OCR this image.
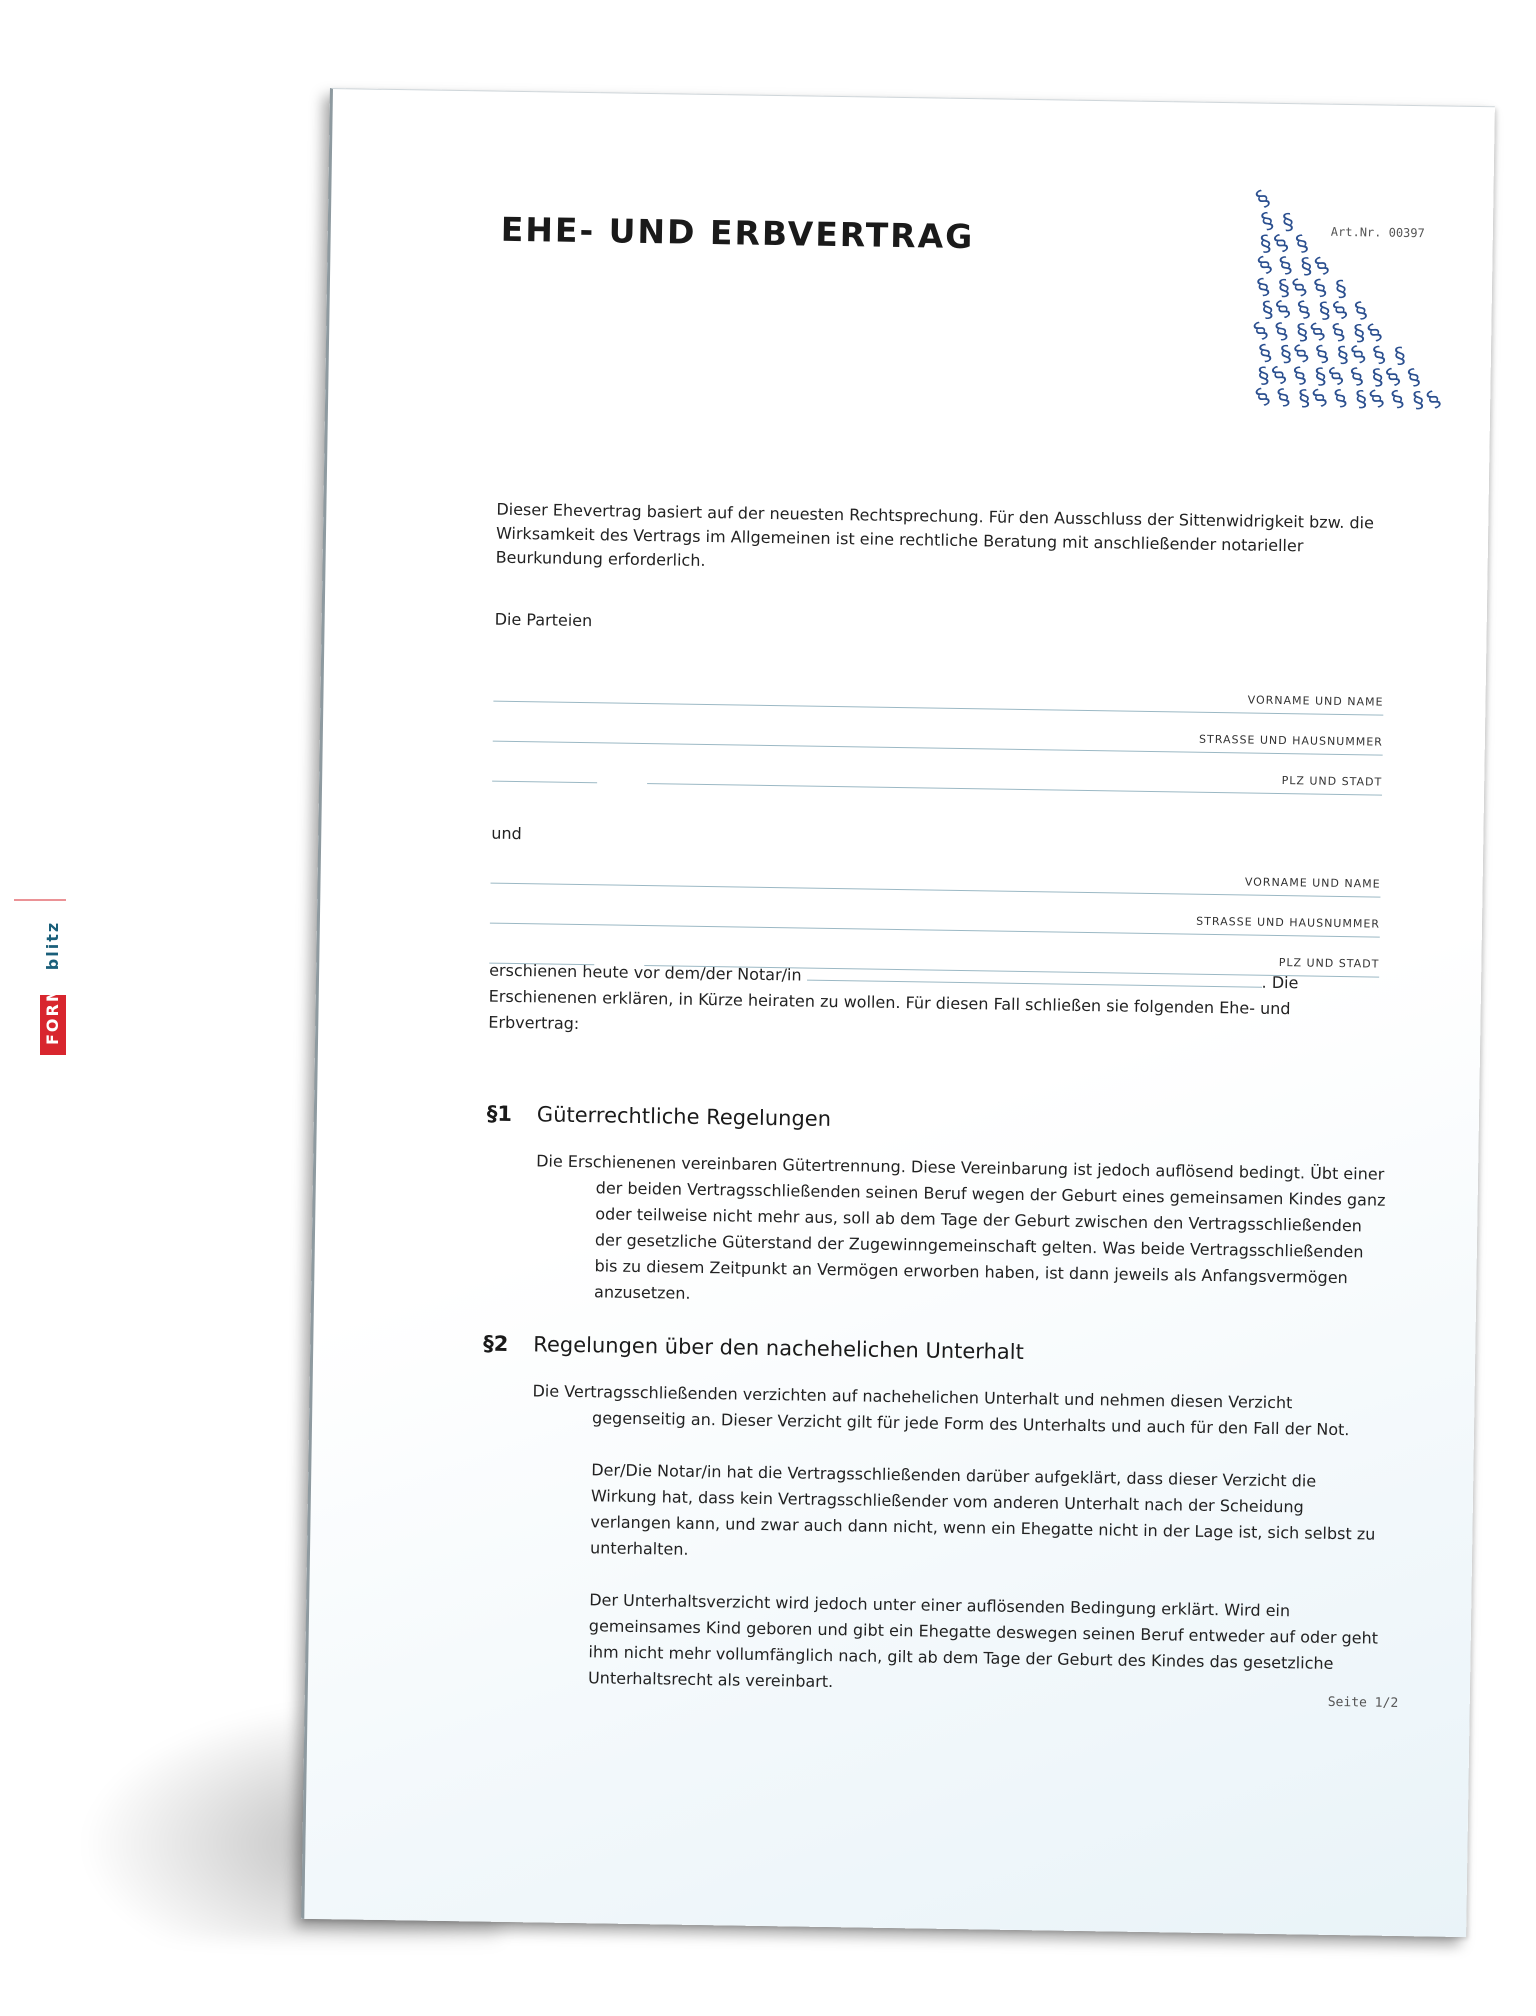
EHE- UND ERBVERTRAG	Art.Nr. 00397
§
§ §
§
§ §
§ § §
§
§ §
§ § §
§
§ § §
§ §
§ § §
§ § §
§
§ §
§ § §
§ § §
§
§ § §
§ § §
§ §
§ § §
§ § §
§ § §
§
Dieser Ehevertrag basiert auf der neuesten Rechtsprechung. Für den Ausschluss der Sittenwidrigkeit bzw. die Wirksamkeit des Vertrags im Allgemeinen ist eine rechtliche Beratung mit anschließender notarieller Beurkundung erforderlich.
Die Parteien
VORNAME UND NAME
STRASSE UND HAUSNUMMER
PLZ UND STADT
und
VORNAME UND NAME
STRASSE UND HAUSNUMMER
PLZ UND STADT
erschienen heute vor dem/der Notar/in	. Die Erschienenen erklären, in Kürze heiraten zu wollen. Für diesen Fall schließen sie folgenden Ehe- und Erbvertrag:
§1 Güterrechtliche Regelungen

Die Erschienenen vereinbaren Gütertrennung. Diese Vereinbarung ist jedoch auflösend bedingt. Übt einer der beiden Vertragsschließenden seinen Beruf wegen der Geburt eines gemeinsamen Kindes ganz oder teilweise nicht mehr aus, soll ab dem Tage der Geburt zwischen den Vertragsschließenden der gesetzliche Güterstand der Zugewinngemeinschaft gelten. Was beide Vertragsschließenden bis zu diesem Zeitpunkt an Vermögen erworben haben, ist dann jeweils als Anfangsvermögen anzusetzen.

§2 Regelungen über den nachehelichen Unterhalt

Die Vertragsschließenden verzichten auf nachehelichen Unterhalt und nehmen diesen Verzicht gegenseitig an. Dieser Verzicht gilt für jede Form des Unterhalts und auch für den Fall der Not.

Der/Die Notar/in hat die Vertragsschließenden darüber aufgeklärt, dass dieser Verzicht die Wirkung hat, dass kein Vertragsschließender vom anderen Unterhalt nach der Scheidung verlangen kann, und zwar auch dann nicht, wenn ein Ehegatte nicht in der Lage ist, sich selbst zu unterhalten.

Der Unterhaltsverzicht wird jedoch unter einer auflösenden Bedingung erklärt. Wird ein gemeinsames Kind geboren und gibt ein Ehegatte deswegen seinen Beruf entweder auf oder geht ihm nicht mehr vollumfänglich nach, gilt ab dem Tage der Geburt des Kindes das gesetzliche Unterhaltsrecht als vereinbart.

Seite 1/2
FORMblitz
